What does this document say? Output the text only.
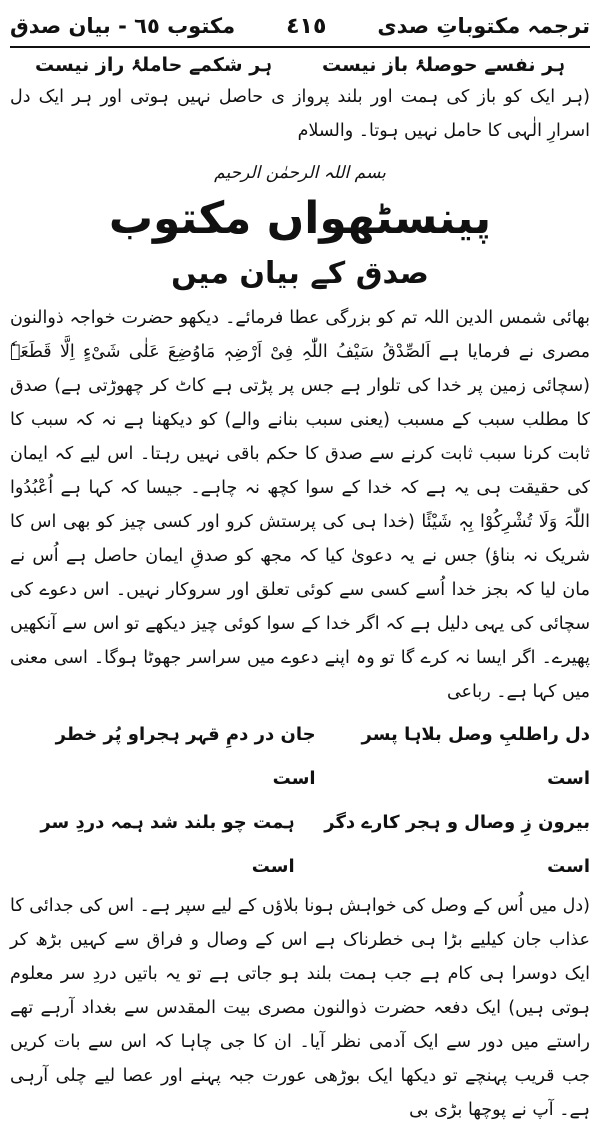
ترجمہ مکتوباتِ صدی
٤١٥
مکتوب ٦٥ - بیان صدق
ہر نفسے حوصلۂ باز نیست
ہر شکمے حاملۂ راز نیست

(ہر ایک کو باز کی ہمت اور بلند پرواز ی حاصل نہیں ہوتی اور ہر ایک دل اسرارِ الٰہی کا حامل نہیں ہوتا۔ والسلام

بسم اللہ الرحمٰن الرحیم
پینسٹھواں مکتوب
صدق کے بیان میں

بھائی شمس الدین اللہ تم کو بزرگی عطا فرمائے۔ دیکھو حضرت خواجہ ذوالنون مصری نے فرمایا ہے اَلصِّدْقُ سَیْفُ اللّٰہِ فِیْ اَرْضِہٖ مَاوُضِعَ عَلٰی شَیْءٍ اِلَّا قَطَعَہٗ (سچائی زمین پر خدا کی تلوار ہے جس پر پڑتی ہے کاٹ کر چھوڑتی ہے) صدق کا مطلب سبب کے مسبب (یعنی سبب بنانے والے) کو دیکھنا ہے نہ کہ سبب کا ثابت کرنا سبب ثابت کرنے سے صدق کا حکم باقی نہیں رہتا۔ اس لیے کہ ایمان کی حقیقت ہی یہ ہے کہ خدا کے سوا کچھ نہ چاہے۔ جیسا کہ کہا ہے اُعْبُدُوا اللّٰہَ وَلَا تُشْرِکُوْا بِہٖ شَیْئًا (خدا ہی کی پرستش کرو اور کسی چیز کو بھی اس کا شریک نہ بناؤ) جس نے یہ دعویٰ کیا کہ مجھ کو صدقِ ایمان حاصل ہے اُس نے مان لیا کہ بجز خدا اُسے کسی سے کوئی تعلق اور سروکار نہیں۔ اس دعوے کی سچائی کی یہی دلیل ہے کہ اگر خدا کے سوا کوئی چیز دیکھے تو اس سے آنکھیں پھیرے۔ اگر ایسا نہ کرے گا تو وہ اپنے دعوے میں سراسر جھوٹا ہوگا۔ اسی معنی میں کہا ہے۔ رباعی

دل راطلبِ وصل بلاہا پسر است
جان در دمِ قہر ہجراو پُر خطر است
بیرون زِ وصال و ہجر کارے دگر است
ہمت چو بلند شد ہمہ دردِ سر است

(دل میں اُس کے وصل کی خواہش ہونا بلاؤں کے لیے سپر ہے۔ اس کی جدائی کا عذاب جان کیلیے بڑا ہی خطرناک ہے اس کے وصال و فراق سے کہیں بڑھ کر ایک دوسرا ہی کام ہے جب ہمت بلند ہو جاتی ہے تو یہ باتیں دردِ سر معلوم ہوتی ہیں) ایک دفعہ حضرت ذوالنون مصری بیت المقدس سے بغداد آرہے تھے راستے میں دور سے ایک آدمی نظر آیا۔ ان کا جی چاہا کہ اس سے بات کریں جب قریب پہنچے تو دیکھا ایک بوڑھی عورت جبہ پہنے اور عصا لیے چلی آرہی ہے۔ آپ نے پوچھا بڑی بی
